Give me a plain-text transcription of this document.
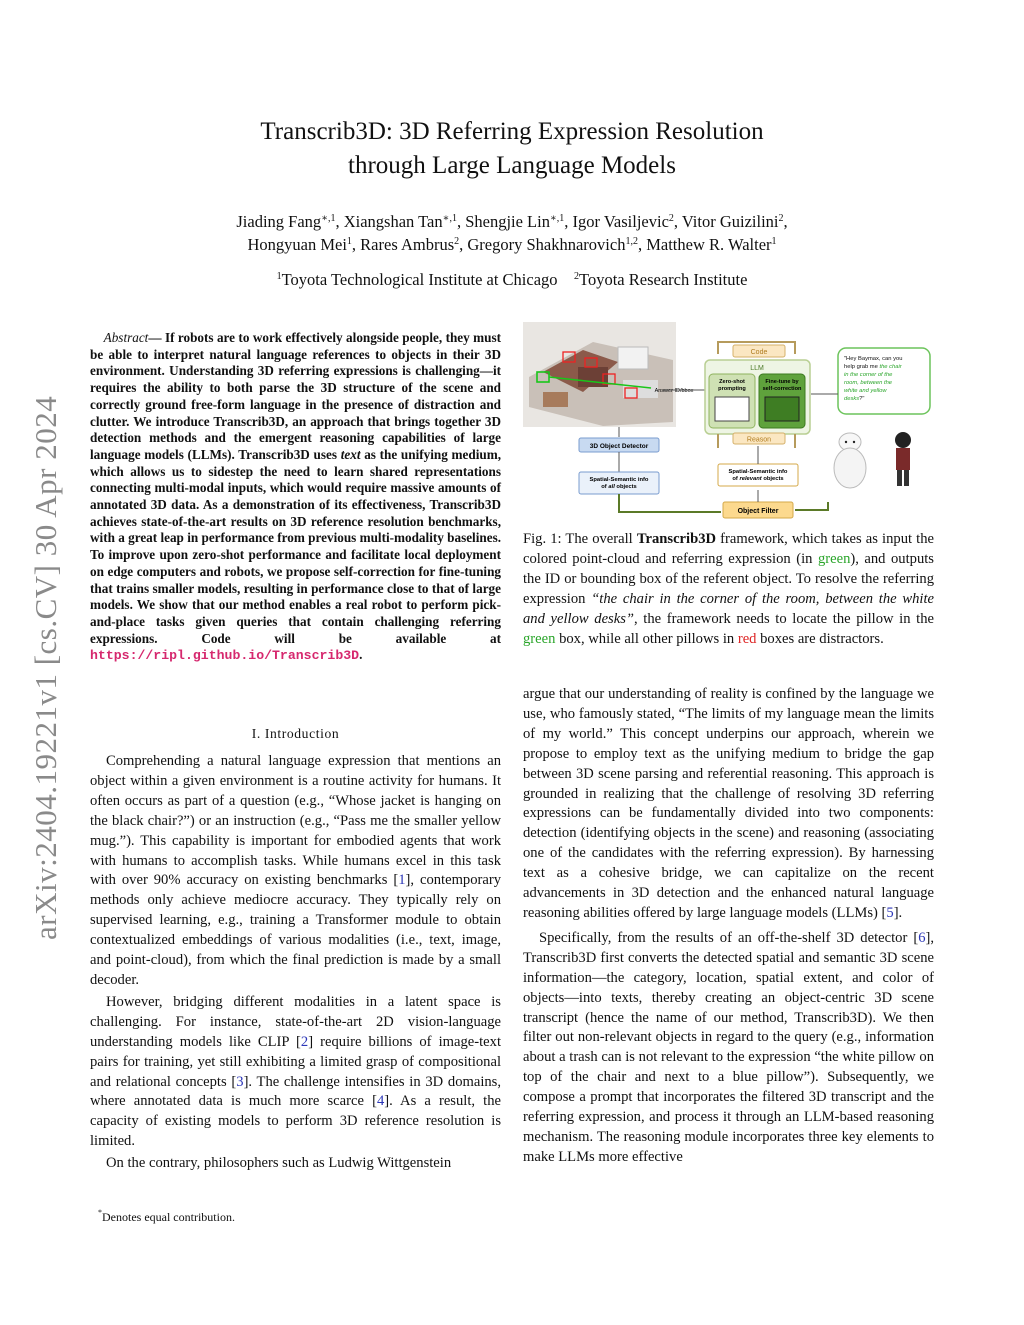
arXiv:2404.19221v1 [cs.CV] 30 Apr 2024
Transcrib3D: 3D Referring Expression Resolution
through Large Language Models
Jiading Fang$^{∗,1}$, Xiangshan Tan$^{∗,1}$, Shengjie Lin$^{∗,1}$, Igor Vasiljevic$^2$, Vitor Guizilini$^2$,
Hongyuan Mei$^1$, Rares Ambrus$^2$, Gregory Shakhnarovich$^{1,2}$, Matthew R. Walter$^1$
$^1$Toyota Technological Institute at Chicago $^2$Toyota Research Institute
Abstract— If robots are to work effectively alongside people, they must be able to interpret natural language references to objects in their 3D environment. Understanding 3D referring expressions is challenging—it requires the ability to both parse the 3D structure of the scene and correctly ground free-form language in the presence of distraction and clutter. We introduce Transcrib3D, an approach that brings together 3D detection methods and the emergent reasoning capabilities of large language models (LLMs). Transcrib3D uses text as the unifying medium, which allows us to sidestep the need to learn shared representations connecting multi-modal inputs, which would require massive amounts of annotated 3D data. As a demonstration of its effectiveness, Transcrib3D achieves state-of-the-art results on 3D reference resolution benchmarks, with a great leap in performance from previous multi-modality baselines. To improve upon zero-shot performance and facilitate local deployment on edge computers and robots, we propose self-correction for fine-tuning that trains smaller models, resulting in performance close to that of large models. We show that our method enables a real robot to perform pick-and-place tasks given queries that contain challenging referring expressions. Code will be available at https://ripl.github.io/Transcrib3D.
I. Introduction

Comprehending a natural language expression that mentions an object within a given environment is a routine activity for humans. It often occurs as part of a question (e.g., “Whose jacket is hanging on the black chair?”) or an instruction (e.g., “Pass me the smaller yellow mug.”). This capability is important for embodied agents that work with humans to accomplish tasks. While humans excel in this task with over 90% accuracy on existing benchmarks [1], contemporary methods only achieve mediocre accuracy. They typically rely on supervised learning, e.g., training a Transformer module to obtain contextualized embeddings of various modalities (i.e., text, image, and point-cloud), from which the final prediction is made by a small decoder.

However, bridging different modalities in a latent space is challenging. For instance, state-of-the-art 2D vision-language understanding models like CLIP [2] require billions of image-text pairs for training, yet still exhibiting a limited grasp of compositional and relational concepts [3]. The challenge intensifies in 3D domains, where annotated data is much more scarce [4]. As a result, the capacity of existing models to perform 3D reference resolution is limited.

On the contrary, philosophers such as Ludwig Wittgenstein

*Denotes equal contribution.
Answer ID/bbox
Code
LLM
Zero-shot prompting
Fine-tune by self-correction
Reason
"Hey Baymax, can you help grab me the chair in the corner of the room, between the white and yellow desks?"
3D Object Detector
Spatial-Semantic info of all objects
Object Filter
Spatial-Semantic info of relevant objects
Fig. 1: The overall Transcrib3D framework, which takes as input the colored point-cloud and referring expression (in green), and outputs the ID or bounding box of the referent object. To resolve the referring expression “the chair in the corner of the room, between the white and yellow desks”, the framework needs to locate the pillow in the green box, while all other pillows in red boxes are distractors.

argue that our understanding of reality is confined by the language we use, who famously stated, “The limits of my language mean the limits of my world.” This concept underpins our approach, wherein we propose to employ text as the unifying medium to bridge the gap between 3D scene parsing and referential reasoning. This approach is grounded in realizing that the challenge of resolving 3D referring expressions can be fundamentally divided into two components: detection (identifying objects in the scene) and reasoning (associating one of the candidates with the referring expression). By harnessing text as a cohesive bridge, we can capitalize on the recent advancements in 3D detection and the enhanced natural language reasoning abilities offered by large language models (LLMs) [5].

Specifically, from the results of an off-the-shelf 3D detector [6], Transcrib3D first converts the detected spatial and semantic 3D scene information—the category, location, spatial extent, and color of objects—into texts, thereby creating an object-centric 3D scene transcript (hence the name of our method, Transcrib3D). We then filter out non-relevant objects in regard to the query (e.g., information about a trash can is not relevant to the expression “the white pillow on top of the chair and next to a blue pillow”). Subsequently, we compose a prompt that incorporates the filtered 3D transcript and the referring expression, and process it through an LLM-based reasoning mechanism. The reasoning module incorporates three key elements to make LLMs more effective
